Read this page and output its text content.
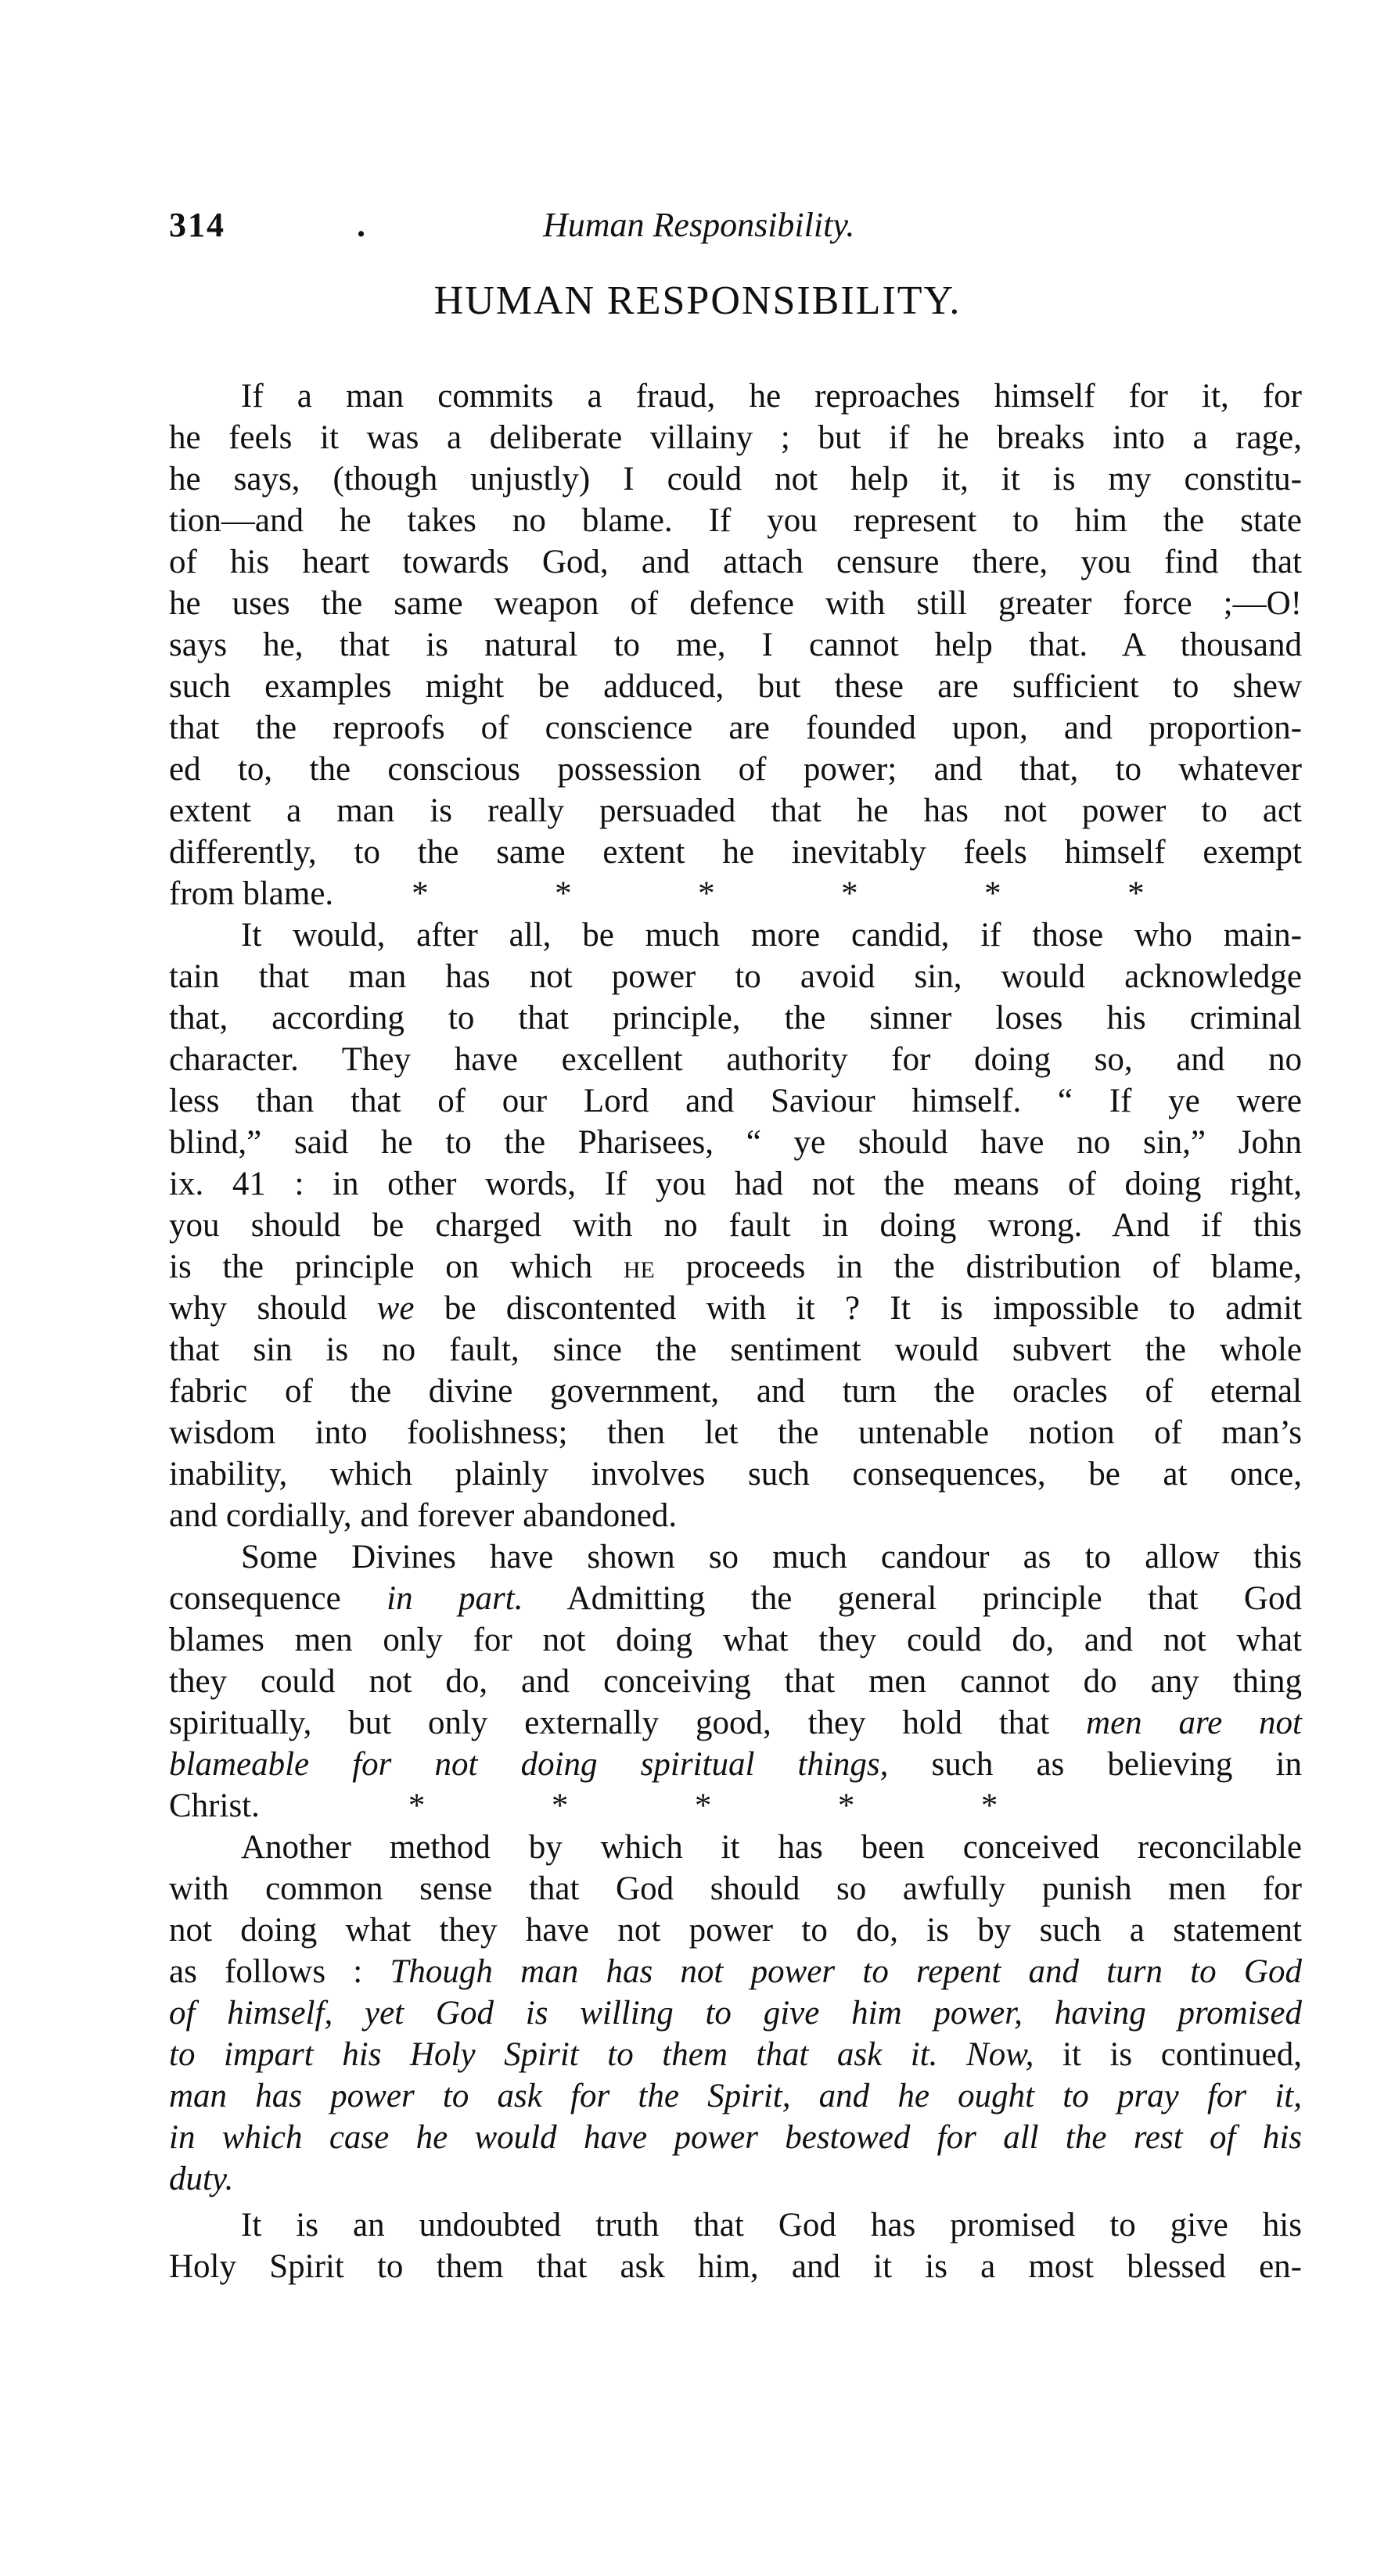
314	.	Human Responsibility.
HUMAN RESPONSIBILITY.
If a man commits a fraud, he reproaches himself for it, for
he feels it was a deliberate villainy ; but if he breaks into a rage,
he says, (though unjustly) I could not help it, it is my constitu-
tion—and he takes no blame. If you represent to him the state
of his heart towards God, and attach censure there, you find that
he uses the same weapon of defence with still greater force ;—O!
says he, that is natural to me, I cannot help that. A thousand
such examples might be adduced, but these are sufficient to shew
that the reproofs of conscience are founded upon, and proportion-
ed to, the conscious possession of power; and that, to whatever
extent a man is really persuaded that he has not power to act
differently, to the same extent he inevitably feels himself exempt
from blame. *	*	*	*	*	*
It would, after all, be much more candid, if those who main-
tain that man has not power to avoid sin, would acknowledge
that, according to that principle, the sinner loses his criminal
character. They have excellent authority for doing so, and no
less than that of our Lord and Saviour himself. “ If ye were
blind,” said he to the Pharisees, “ ye should have no sin,” John
ix. 41 : in other words, If you had not the means of doing right,
you should be charged with no fault in doing wrong. And if this
is the principle on which he proceeds in the distribution of blame,
why should we be discontented with it ? It is impossible to admit
that sin is no fault, since the sentiment would subvert the whole
fabric of the divine government, and turn the oracles of eternal
wisdom into foolishness; then let the untenable notion of man’s
inability, which plainly involves such consequences, be at once,
and cordially, and forever abandoned.
Some Divines have shown so much candour as to allow this
consequence in part. Admitting the general principle that God
blames men only for not doing what they could do, and not what
they could not do, and conceiving that men cannot do any thing
spiritually, but only externally good, they hold that men are not
blameable for not doing spiritual things, such as believing in
Christ.	*	*	*	*	*
Another method by which it has been conceived reconcilable
with common sense that God should so awfully punish men for
not doing what they have not power to do, is by such a statement
as follows : Though man has not power to repent and turn to God
of himself, yet God is willing to give him power, having promised
to impart his Holy Spirit to them that ask it. Now, it is continued,
man has power to ask for the Spirit, and he ought to pray for it,
in which case he would have power bestowed for all the rest of his
duty.
It is an undoubted truth that God has promised to give his
Holy Spirit to them that ask him, and it is a most blessed en-
